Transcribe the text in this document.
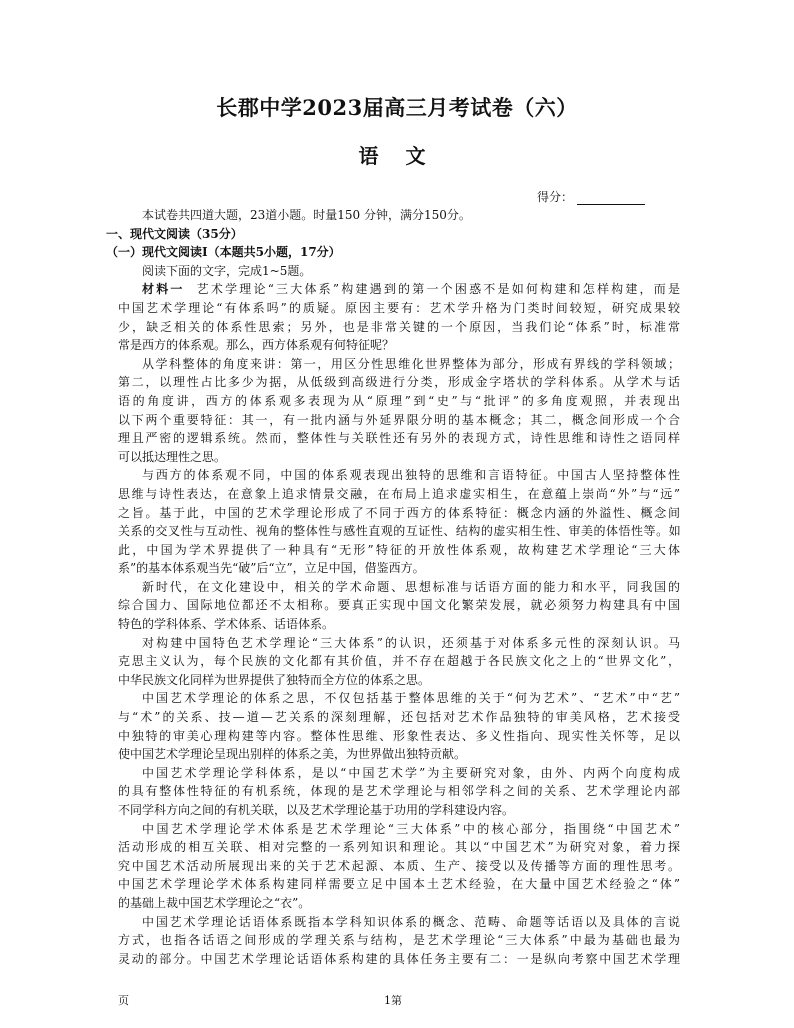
长郡中学2023届高三月考试卷（六）
语 文
得分：
本试卷共四道大题，23道小题。时量150 分钟，满分150分。
一、现代文阅读（35分）
（一）现代文阅读Ⅰ（本题共5小题，17分）
阅读下面的文字，完成1~5题。
材料一 艺术学理论“三大体系”构建遇到的第一个困惑不是如何构建和怎样构建，而是
中国艺术学理论“有体系吗”的质疑。原因主要有：艺术学升格为门类时间较短，研究成果较
少，缺乏相关的体系性思索；另外，也是非常关键的一个原因，当我们论“体系”时，标准常
常是西方的体系观。那么，西方体系观有何特征呢？
从学科整体的角度来讲：第一，用区分性思维化世界整体为部分，形成有界线的学科领域；
第二，以理性占比多少为据，从低级到高级进行分类，形成金字塔状的学科体系。从学术与话
语的角度讲，西方的体系观多表现为从“原理”到“史”与“批评”的多角度观照，并表现出
以下两个重要特征：其一，有一批内涵与外延界限分明的基本概念；其二，概念间形成一个合
理且严密的逻辑系统。然而，整体性与关联性还有另外的表现方式，诗性思维和诗性之语同样
可以抵达理性之思。
与西方的体系观不同，中国的体系观表现出独特的思维和言语特征。中国古人坚持整体性
思维与诗性表达，在意象上追求情景交融，在布局上追求虚实相生，在意蕴上崇尚“外”与“远”
之旨。基于此，中国的艺术学理论形成了不同于西方的体系特征：概念内涵的外溢性、概念间
关系的交叉性与互动性、视角的整体性与感性直观的互证性、结构的虚实相生性、审美的体悟性等。如
此，中国为学术界提供了一种具有“无形”特征的开放性体系观，故构建艺术学理论“三大体
系”的基本体系观当先“破”后“立”，立足中国，借鉴西方。
新时代，在文化建设中，相关的学术命题、思想标准与话语方面的能力和水平，同我国的
综合国力、国际地位都还不太相称。要真正实现中国文化繁荣发展，就必须努力构建具有中国
特色的学科体系、学术体系、话语体系。
对构建中国特色艺术学理论“三大体系”的认识，还须基于对体系多元性的深刻认识。马
克思主义认为，每个民族的文化都有其价值，并不存在超越于各民族文化之上的“世界文化”，
中华民族文化同样为世界提供了独特而全方位的体系之思。
中国艺术学理论的体系之思，不仅包括基于整体思维的关于“何为艺术”、“艺术”中“艺”
与“术”的关系、技—道—艺关系的深刻理解，还包括对艺术作品独特的审美风格，艺术接受
中独特的审美心理构建等内容。整体性思维、形象性表达、多义性指向、现实性关怀等，足以
使中国艺术学理论呈现出别样的体系之美，为世界做出独特贡献。
中国艺术学理论学科体系，是以“中国艺术学”为主要研究对象，由外、内两个向度构成
的具有整体性特征的有机系统，体现的是艺术学理论与相邻学科之间的关系、艺术学理论内部
不同学科方向之间的有机关联，以及艺术学理论基于功用的学科建设内容。
中国艺术学理论学术体系是艺术学理论“三大体系”中的核心部分，指围绕“中国艺术”
活动形成的相互关联、相对完整的一系列知识和理论。其以“中国艺术”为研究对象，着力探
究中国艺术活动所展现出来的关于艺术起源、本质、生产、接受以及传播等方面的理性思考。
中国艺术学理论学术体系构建同样需要立足中国本土艺术经验，在大量中国艺术经验之“体”
的基础上裁中国艺术学理论之“衣”。
中国艺术学理论话语体系既指本学科知识体系的概念、范畴、命题等话语以及具体的言说
方式，也指各话语之间形成的学理关系与结构，是艺术学理论“三大体系”中最为基础也最为
灵动的部分。中国艺术学理论话语体系构建的具体任务主要有二：一是纵向考察中国艺术学理
页	1第
